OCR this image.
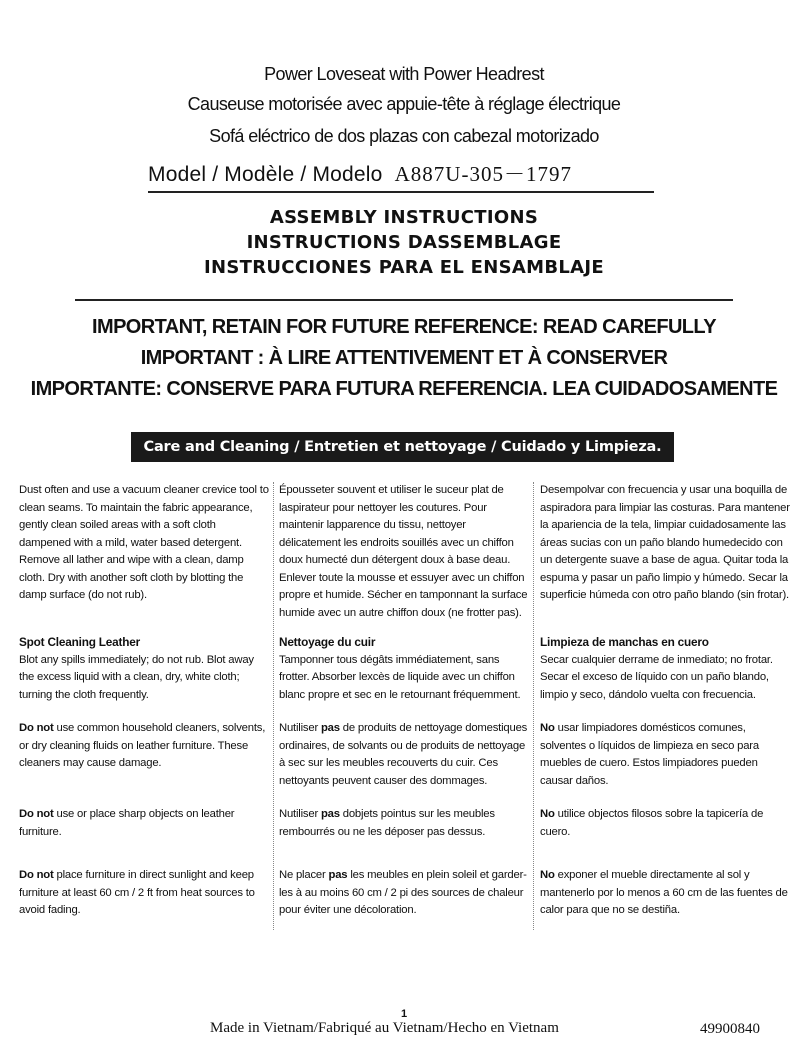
Power Loveseat with Power Headrest
Causeuse motorisée avec appuie-tête à réglage électrique
Sofá eléctrico de dos plazas con cabezal motorizado
Model / Modèle / Modelo A887U-305－1797
ASSEMBLY INSTRUCTIONS
INSTRUCTIONS DASSEMBLAGE
INSTRUCCIONES PARA EL ENSAMBLAJE
IMPORTANT, RETAIN FOR FUTURE REFERENCE: READ CAREFULLY
IMPORTANT : À LIRE ATTENTIVEMENT ET À CONSERVER
IMPORTANTE: CONSERVE PARA FUTURA REFERENCIA. LEA CUIDADOSAMENTE
Care and Cleaning / Entretien et nettoyage / Cuidado y Limpieza.

Dust often and use a vacuum cleaner crevice tool to clean seams. To maintain the fabric appearance, gently clean soiled areas with a soft cloth dampened with a mild, water based detergent. Remove all lather and wipe with a clean, damp cloth. Dry with another soft cloth by blotting the damp surface (do not rub).

Spot Cleaning Leather

Blot any spills immediately; do not rub. Blot away the excess liquid with a clean, dry, white cloth; turning the cloth frequently.

Do not use common household cleaners, solvents, or dry cleaning fluids on leather furniture. These cleaners may cause damage.

Do not use or place sharp objects on leather furniture.

Do not place furniture in direct sunlight and keep furniture at least 60 cm / 2 ft from heat sources to avoid fading.

Épousseter souvent et utiliser le suceur plat de laspirateur pour nettoyer les coutures. Pour maintenir lapparence du tissu, nettoyer délicatement les endroits souillés avec un chiffon doux humecté dun détergent doux à base deau. Enlever toute la mousse et essuyer avec un chiffon propre et humide. Sécher en tamponnant la surface humide avec un autre chiffon doux (ne frotter pas).

Nettoyage du cuir

Tamponner tous dégâts immédiatement, sans frotter. Absorber lexcès de liquide avec un chiffon blanc propre et sec en le retournant fréquemment.

Nutiliser pas de produits de nettoyage domestiques ordinaires, de solvants ou de produits de nettoyage à sec sur les meubles recouverts du cuir. Ces nettoyants peuvent causer des dommages.

Nutiliser pas dobjets pointus sur les meubles rembourrés ou ne les déposer pas dessus.

Ne placer pas les meubles en plein soleil et garder-les à au moins 60 cm / 2 pi des sources de chaleur pour éviter une décoloration.

Desempolvar con frecuencia y usar una boquilla de aspiradora para limpiar las costuras. Para mantener la apariencia de la tela, limpiar cuidadosamente las áreas sucias con un paño blando humedecido con un detergente suave a base de agua. Quitar toda la espuma y pasar un paño limpio y húmedo. Secar la superficie húmeda con otro paño blando (sin frotar).

Limpieza de manchas en cuero

Secar cualquier derrame de inmediato; no frotar. Secar el exceso de líquido con un paño blando, limpio y seco, dándolo vuelta con frecuencia.

No usar limpiadores domésticos comunes, solventes o líquidos de limpieza en seco para muebles de cuero. Estos limpiadores pueden causar daños.

No utilice objectos filosos sobre la tapicería de cuero.

No exponer el mueble directamente al sol y mantenerlo por lo menos a 60 cm de las fuentes de calor para que no se destiña.

1
Made in Vietnam/Fabriqué au Vietnam/Hecho en Vietnam	49900840
